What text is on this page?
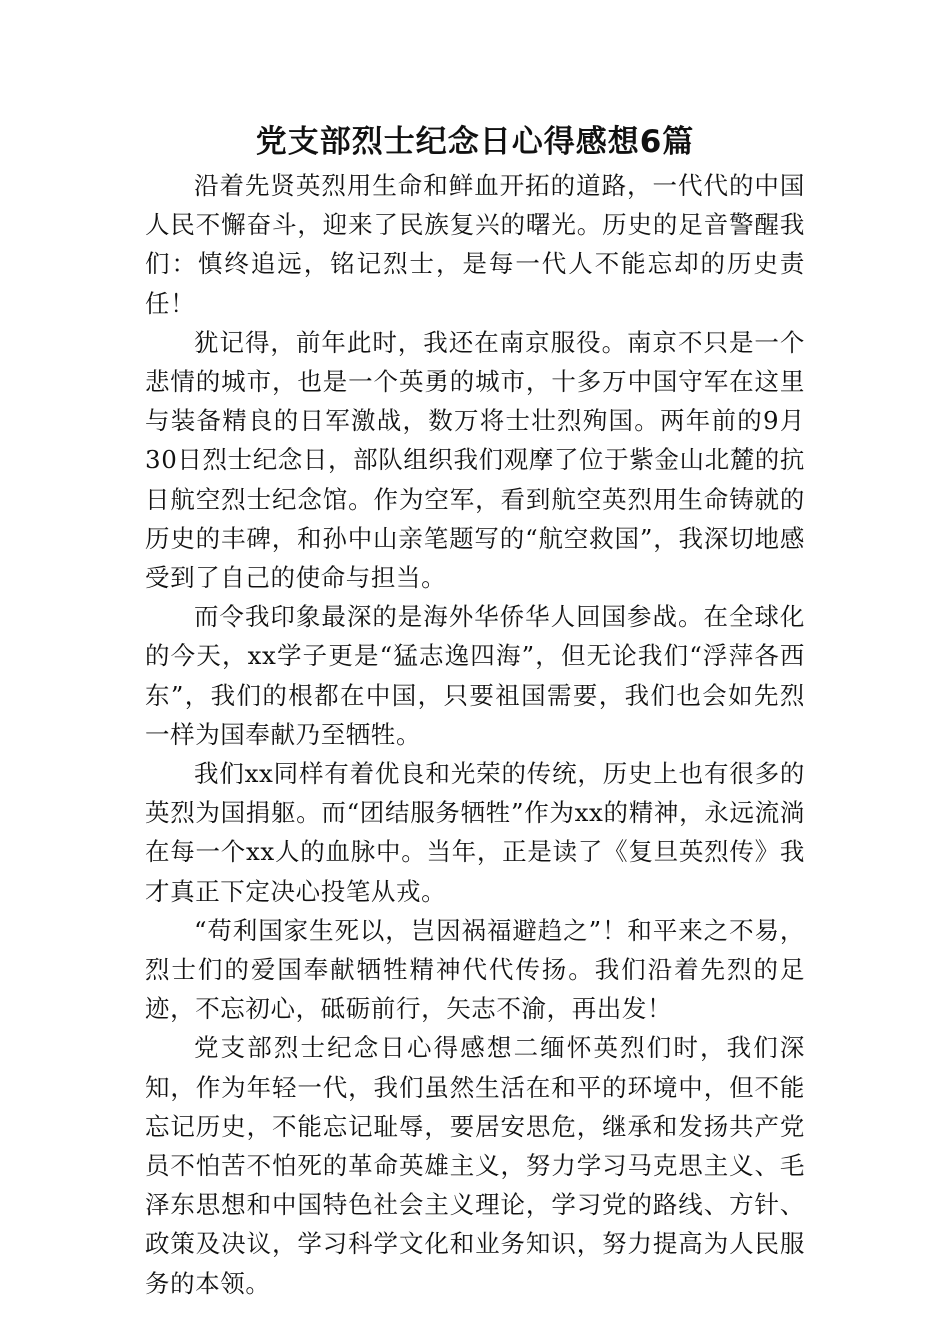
党支部烈士纪念日心得感想6篇

沿着先贤英烈用生命和鲜血开拓的道路，一代代的中国人民不懈奋斗，迎来了民族复兴的曙光。历史的足音警醒我们：慎终追远，铭记烈士，是每一代人不能忘却的历史责任！

犹记得，前年此时，我还在南京服役。南京不只是一个悲情的城市，也是一个英勇的城市，十多万中国守军在这里与装备精良的日军激战，数万将士壮烈殉国。两年前的9月30日烈士纪念日，部队组织我们观摩了位于紫金山北麓的抗日航空烈士纪念馆。作为空军，看到航空英烈用生命铸就的历史的丰碑，和孙中山亲笔题写的“航空救国”，我深切地感受到了自己的使命与担当。

而令我印象最深的是海外华侨华人回国参战。在全球化的今天，xx学子更是“猛志逸四海”，但无论我们“浮萍各西东”，我们的根都在中国，只要祖国需要，我们也会如先烈一样为国奉献乃至牺牲。

我们xx同样有着优良和光荣的传统，历史上也有很多的英烈为国捐躯。而“团结服务牺牲”作为xx的精神，永远流淌在每一个xx人的血脉中。当年，正是读了《复旦英烈传》我才真正下定决心投笔从戎。

“苟利国家生死以，岂因祸福避趋之”！和平来之不易，烈士们的爱国奉献牺牲精神代代传扬。我们沿着先烈的足迹，不忘初心，砥砺前行，矢志不渝，再出发！

党支部烈士纪念日心得感想二缅怀英烈们时，我们深知，作为年轻一代，我们虽然生活在和平的环境中，但不能忘记历史，不能忘记耻辱，要居安思危，继承和发扬共产党员不怕苦不怕死的革命英雄主义，努力学习马克思主义、毛泽东思想和中国特色社会主义理论，学习党的路线、方针、政策及决议，学习科学文化和业务知识，努力提高为人民服务的本领。
